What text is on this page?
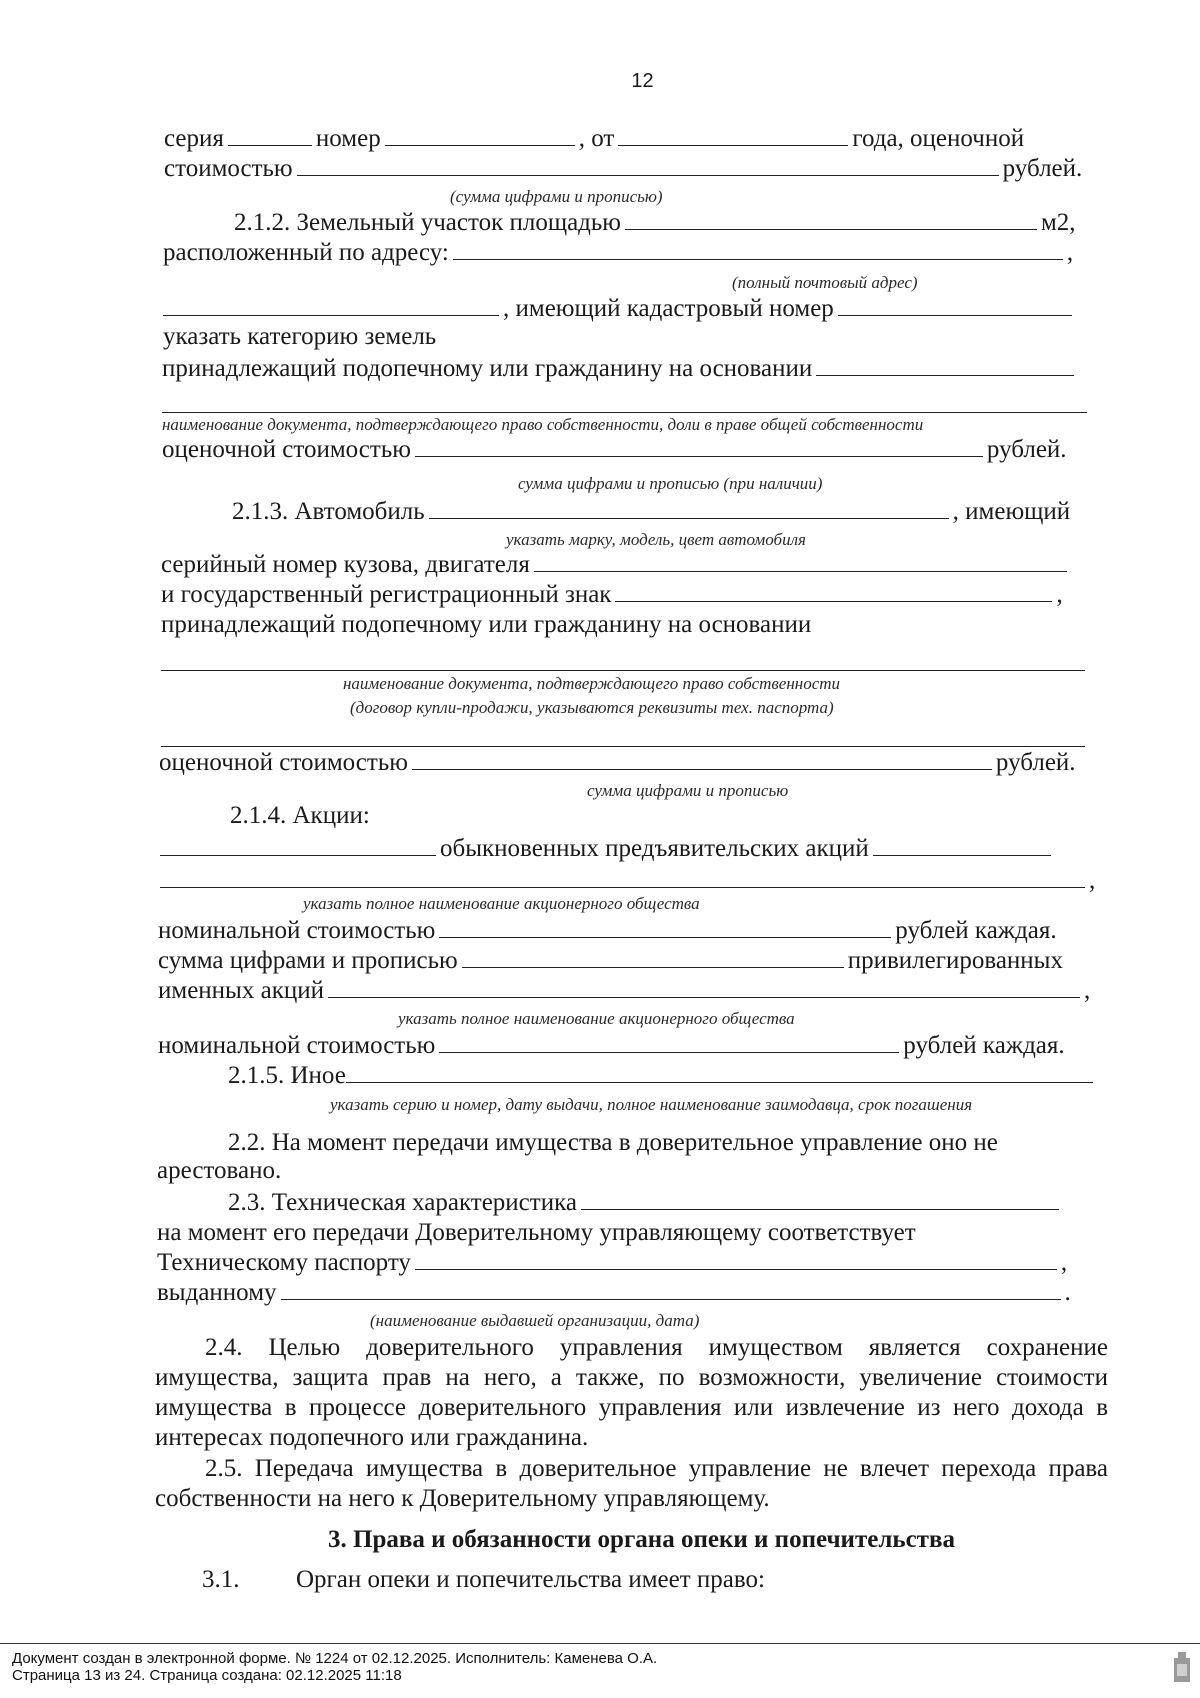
12
серия	номер	, от	года, оценочной
стоимостью	рублей.
(сумма цифрами и прописью)
2.1.2. Земельный участок площадью	м2,
расположенный по адресу:	,
(полный почтовый адрес)
, имеющий кадастровый номер
указать категорию земель
принадлежащий подопечному или гражданину на основании
наименование документа, подтверждающего право собственности, доли в праве общей собственности
оценочной стоимостью	рублей.
сумма цифрами и прописью (при наличии)
2.1.3. Автомобиль	, имеющий
указать марку, модель, цвет автомобиля
серийный номер кузова, двигателя
и государственный регистрационный знак	,
принадлежащий подопечному или гражданину на основании
наименование документа, подтверждающего право собственности
(договор купли-продажи, указываются реквизиты тех. паспорта)
оценочной стоимостью	рублей.
сумма цифрами и прописью
2.1.4. Акции:
обыкновенных предъявительских акций
,
указать полное наименование акционерного общества
номинальной стоимостью	рублей каждая.
сумма цифрами и прописью	привилегированных
именных акций	,
указать полное наименование акционерного общества
номинальной стоимостью	рублей каждая.
2.1.5. Иное
указать серию и номер, дату выдачи, полное наименование заимодавца, срок погашения
2.2. На момент передачи имущества в доверительное управление оно не
арестовано.
2.3. Техническая характеристика
на момент его передачи Доверительному управляющему соответствует
Техническому паспорту	,
выданному	.
(наименование выдавшей организации, дата)
2.4. Целью доверительного управления имуществом является сохранение имущества, защита прав на него, а также, по возможности, увеличение стоимости имущества в процессе доверительного управления или извлечение из него дохода в интересах подопечного или гражданина.
2.5. Передача имущества в доверительное управление не влечет перехода права собственности на него к Доверительному управляющему.
3. Права и обязанности органа опеки и попечительства
3.1. Орган опеки и попечительства имеет право:
Документ создан в электронной форме. № 1224 от 02.12.2025. Исполнитель: Каменева О.А.
Страница 13 из 24. Страница создана: 02.12.2025 11:18
